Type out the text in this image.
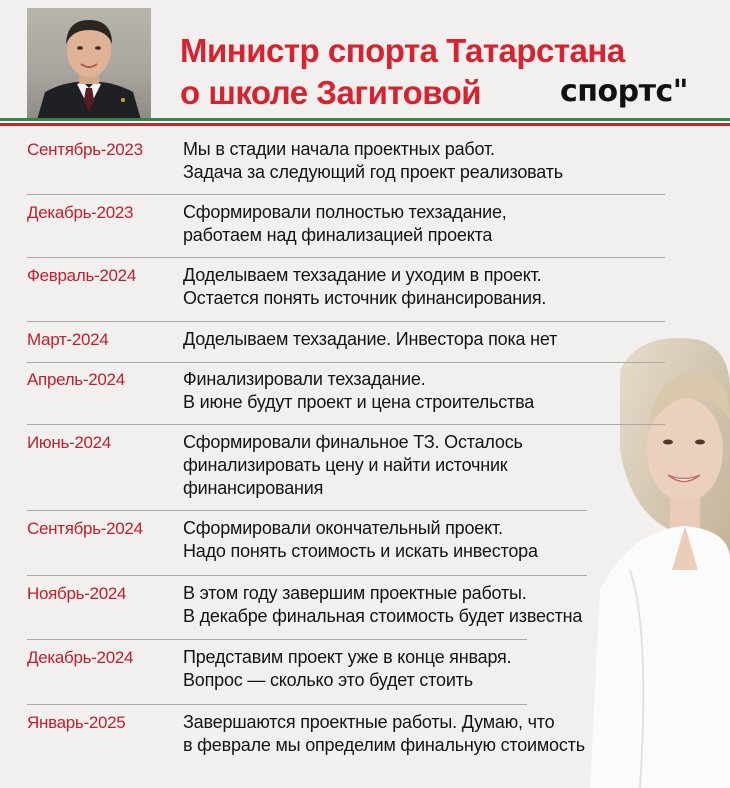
Министр спорта Татарстана
о школе Загитовой	спортс"
Сентябрь-2023 Мы в стадии начала проектных работ.
Задача за следующий год проект реализовать
Декабрь-2023	Сформировали полностью техзадание,
работаем над финализацией проекта
Февраль-2024	Доделываем техзадание и уходим в проект.
Остается понять источник финансирования.
Март-2024	Доделываем техзадание. Инвестора пока нет
Апрель-2024	Финализировали техзадание.
В июне будут проект и цена строительства
Июнь-2024	Сформировали финальное ТЗ. Осталось
финализировать цену и найти источник
финансирования
Сентябрь-2024 Сформировали окончательный проект.
Надо понять стоимость и искать инвестора
Ноябрь-2024	В этом году завершим проектные работы.
В декабре финальная стоимость будет известна
Декабрь-2024	Представим проект уже в конце января.
Вопрос — сколько это будет стоить
Январь-2025	Завершаются проектные работы. Думаю, что
в феврале мы определим финальную стоимость
